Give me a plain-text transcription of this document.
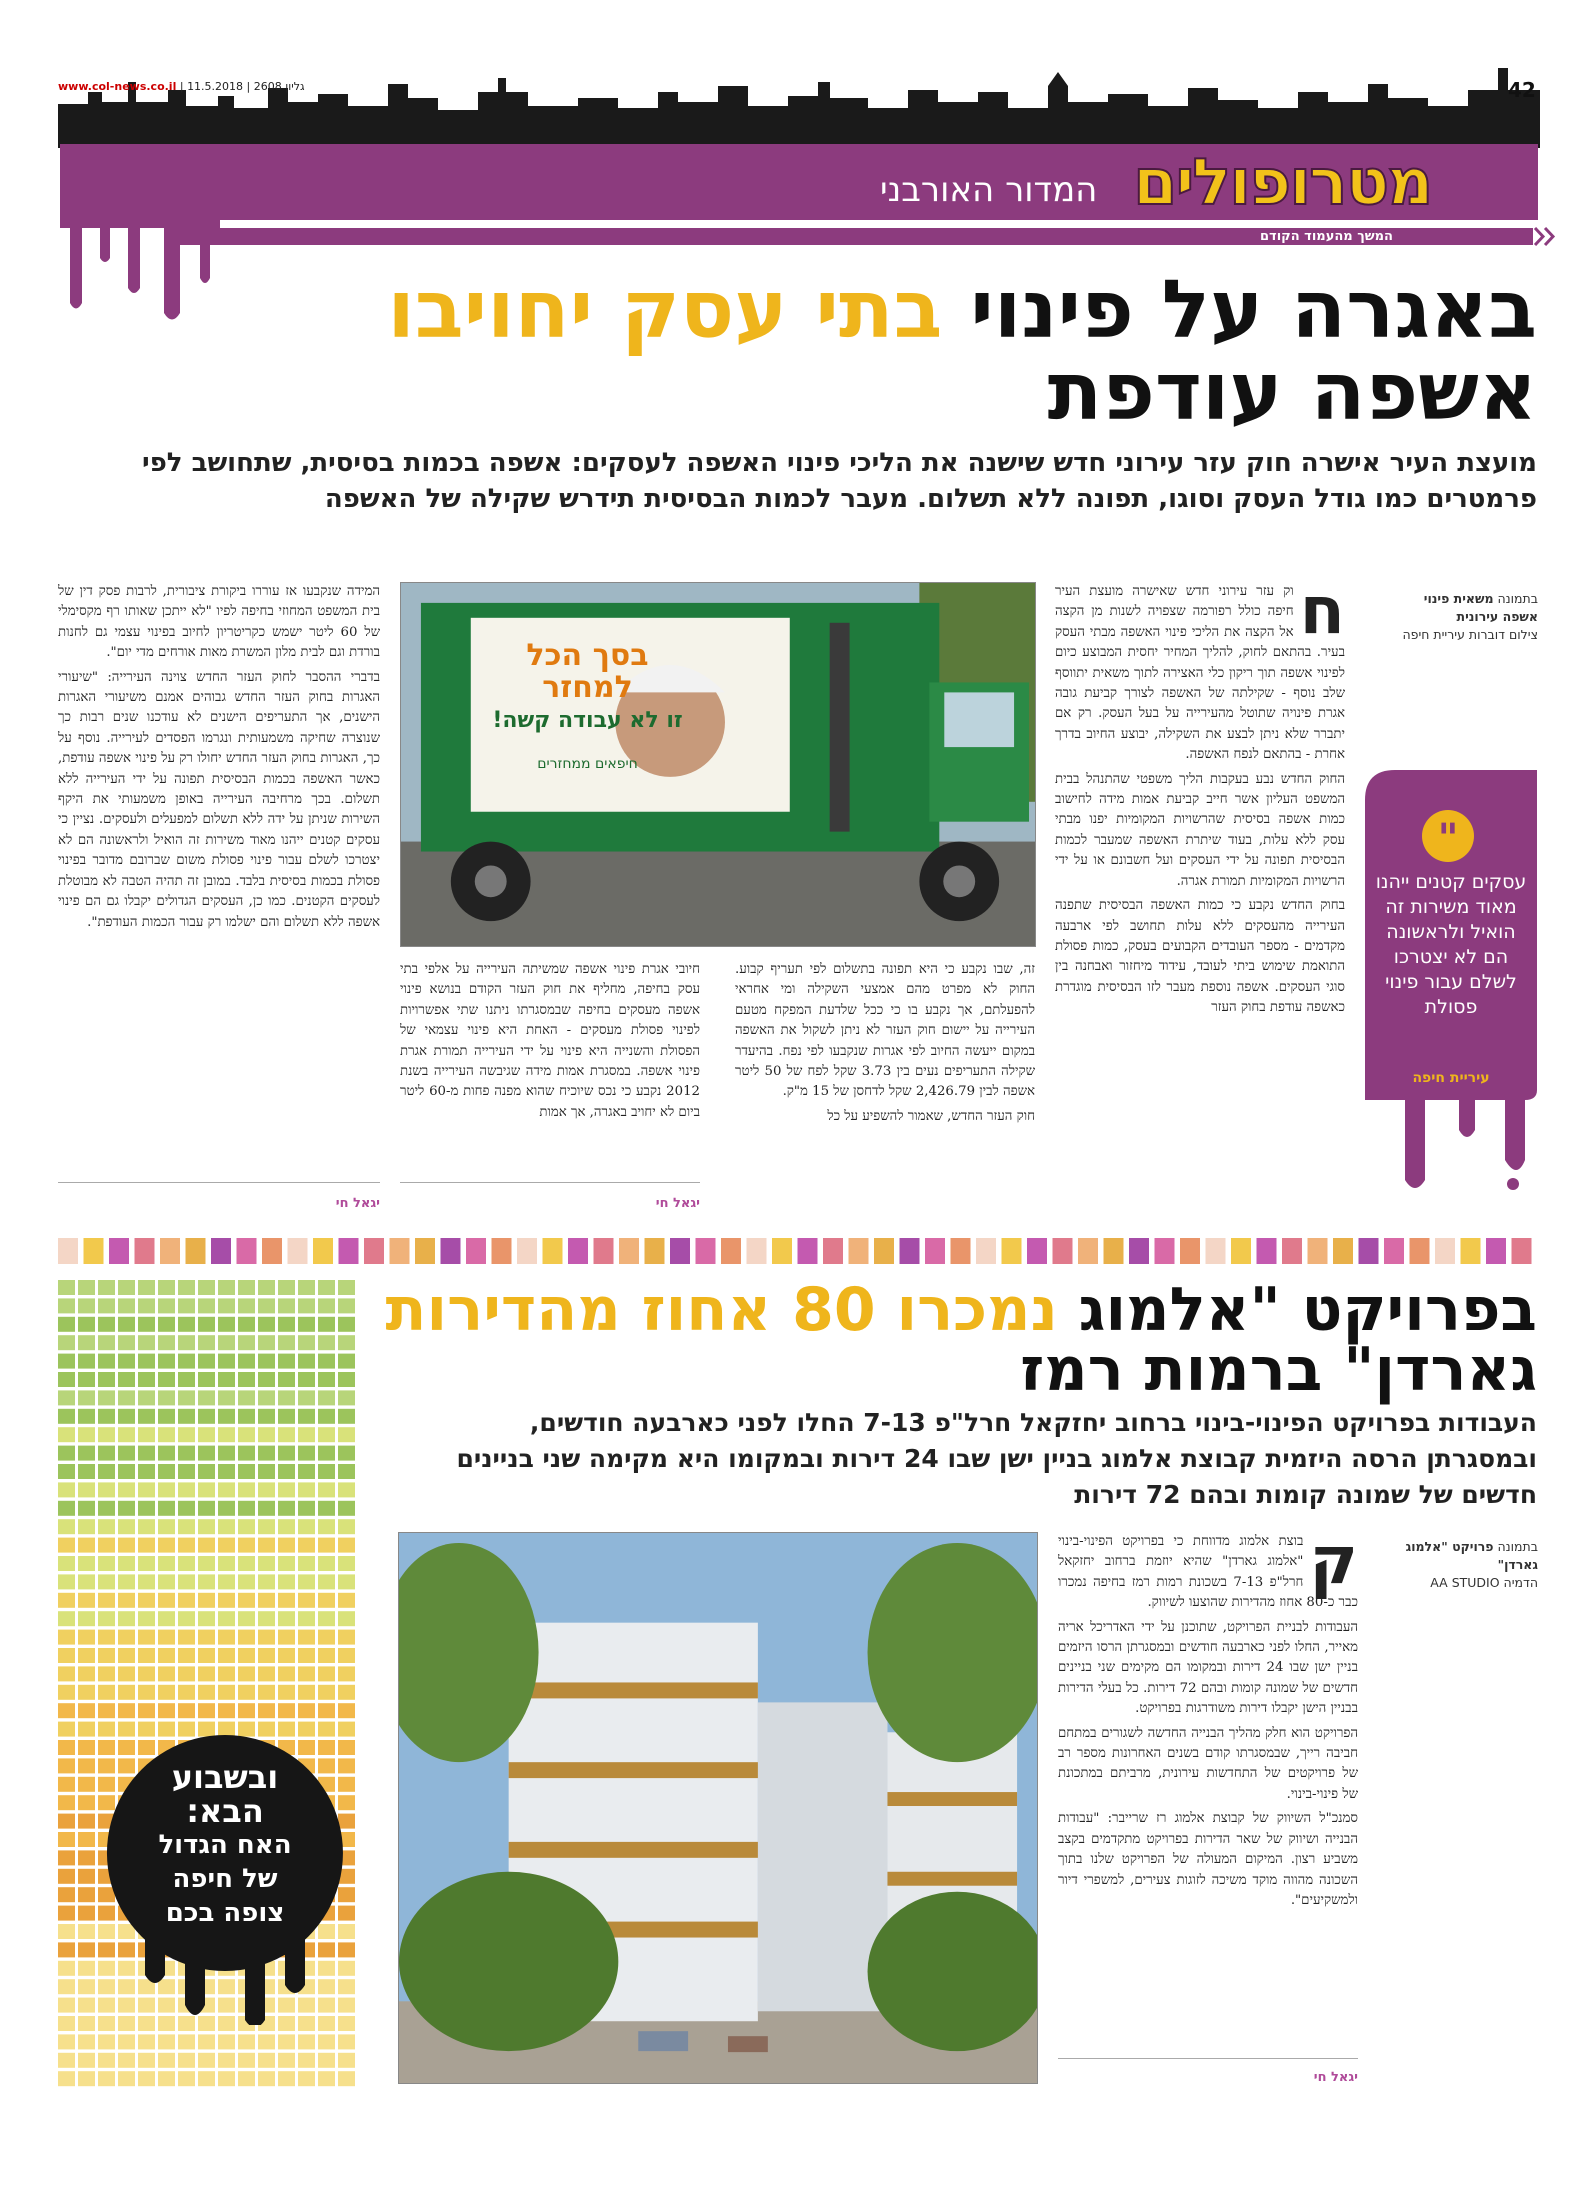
www.col-news.co.il | גליון 2608 | 11.5.2018	42
מטרופולים
המדור האורבני
המשך מהעמוד הקודם
באגרה על פינוי בתי עסק יחויבו
אשפה עודפת
מועצת העיר אישרה חוק עזר עירוני חדש שישנה את הליכי פינוי האשפה לעסקים: אשפה בכמות בסיסית, שתחושב לפי פרמטרים כמו גודל העסק וסוגו, תפונה ללא תשלום. מעבר לכמות הבסיסית תידרש שקילה של האשפה
בתמונה משאית פינוי אשפה עירונית
צילום דוברות עיריית חיפה
"
עסקים קטנים ייהנו מאוד משירות זה הואיל ולראשונה הם לא יצטרכו לשלם עבור פינוי פסולת
עיריית חיפה
בסך הכל למחזר
זו לא עבודה קשה!
חיפאים ממחזרים
ח

וק עזר עירוני חדש שאישרה מועצת העיר חיפה כולל רפורמה שצפויה לשנות מן הקצה אל הקצה את הליכי פינוי האשפה מבתי העסק בעיר. בהתאם לחוק, להליך המחיר יחסית המבוצע כיום לפינוי אשפה תוך ריקון כלי האצירה לתוך משאית יתווסף שלב נוסף - שקילתה של האשפה לצורך קביעת גובה אגרת פינויה שתוטל מהעירייה על בעל העסק. רק אם יתברר שלא ניתן לבצע את השקילה, יבוצע החיוב בדרך אחרת - בהתאם לנפח האשפה.

החוק החדש נבע בעקבות הליך משפטי שהתנהל בבית המשפט העליון אשר חייב קביעת אמות מידה לחישוב כמות אשפה בסיסית שהרשויות המקומיות יפנו מבתי עסק ללא עלות, בעוד שיתרת האשפה שמעבר לכמות הבסיסית תפונה על ידי העסקים ועל חשבונם או על ידי הרשויות המקומיות תמורת אגרה.

בחוק החדש נקבע כי כמות האשפה הבסיסית שתפנה העירייה מהעסקים ללא עלות תחושב לפי ארבעה מקדמים - מספר העובדים הקבועים בעסק, כמות פסולת התואמת שימוש ביתי לעובד, עידוד מיחזור ואבחנה בין סוגי העסקים. אשפה נוספת מעבר לזו הבסיסית מוגדרת כאשפה עודפת בחוק העזר

זה, שבו נקבע כי היא תפונה בתשלום לפי תעריף קבוע. החוק לא מפרט מהם אמצעי השקילה ומי אחראי להפעלתם, אך נקבע בו כי ככל שלדעת המפקח מטעם העירייה על יישום חוק העזר לא ניתן לשקול את האשפה במקום ייעשה החיוב לפי אגרות שנקבעו לפי נפח. בהיעדר שקילה התעריפים נעים בין 3.73 שקל לפח של 50 ליטר אשפה לבין 2,426.79 שקל לדחסן של 15 מ"ק.

חוק העזר החדש, שאמור להשפיע על כל

חיובי אגרת פינוי אשפה שמשיתה העירייה על אלפי בתי עסק בחיפה, מחליף את חוק העזר הקודם בנושא פינוי אשפה מעסקים בחיפה שבמסגרתו ניתנו שתי אפשרויות לפינוי פסולת מעסקים - האחת היא פינוי עצמאי של הפסולת והשנייה היא פינוי על ידי העירייה תמורת אגרת פינוי אשפה. במסגרת אמות מידה שגיבשה העירייה בשנת 2012 נקבע כי נכס שיוכיח שהוא מפנה פחות מ-60 ליטר ביום לא יחויב באגרה, אך אמות

יגאל חי

המידה שנקבעו אז עוררו ביקורת ציבורית, לרבות פסק דין של בית המשפט המחוזי בחיפה לפיו "לא ייתכן שאותו רף מקסימלי של 60 ליטר ישמש כקריטריון לחיוב בפינוי עצמי גם לחנות בורדת וגם לבית מלון המשרת מאות אורחים מדי יום".

בדברי ההסבר לחוק העזר החדש צוינה העירייה: "שיעורי האגרות בחוק העזר החדש גבוהים אמנם משיעורי האגרות הישנים, אך התעריפים הישנים לא עודכנו שנים רבות כך שנוצרה שחיקה משמעותית ונגרמו הפסדים לעירייה. נוסף על כך, האגרות בחוק העזר החדש יחולו רק על פינוי אשפה עודפת, כאשר האשפה בכמות הבסיסית תפונה על ידי העירייה ללא תשלום. בכך מרחיבה העירייה באופן משמעותי את היקף השירות שניתן על ידה ללא תשלום למפעלים ולעסקים. נציין כי עסקים קטנים ייהנו מאוד משירות זה הואיל ולראשונה הם לא יצטרכו לשלם עבור פינוי פסולת משום שברובם מדובר בפינוי פסולת בכמות בסיסית בלבד. במובן זה תהיה הטבה לא מבוטלת לעסקים הקטנים. כמו כן, העסקים הגדולים יקבלו גם הם פינוי אשפה ללא תשלום והם ישלמו רק עבור הכמות העודפת".

יגאל חי
ובשבוע
הבא:
האח הגדול
של חיפה
צופה בכם
בפרויקט "אלמוג נמכרו 80 אחוז מהדירות
גארדן" ברמות רמז
העבודות בפרויקט הפינוי-בינוי ברחוב יחזקאל חרל"פ 7-13 החלו לפני כארבעה חודשים, ובמסגרתן הרסה היזמית קבוצת אלמוג בניין ישן שבו 24 דירות ובמקומו היא מקימה שני בניינים חדשים של שמונה קומות ובהם 72 דירות
בתמונה פרויקט "אלמוג גארדן"
הדמיה AA STUDIO
ק

בוצת אלמוג מדווחת כי בפרויקט הפינוי-בינוי "אלמוג גארדן" שהיא יוזמת ברחוב יחזקאל חרל"פ 7-13 בשכונת רמות רמז בחיפה נמכרו כבר כ-80 אחוז מהדירות שהוצעו לשיווק.

העבודות לבניית הפרויקט, שתוכנן על ידי האדריכל אריה מאייר, החלו לפני כארבעה חודשים ובמסגרתן הרסו היזמים בניין ישן שבו 24 דירות ובמקומו הם מקימים שני בניינים חדשים של שמונה קומות ובהם 72 דירות. כל בעלי הדירות בבניין הישן יקבלו דירות משודרגות בפרויקט.

הפרויקט הוא חלק מהליך הבנייה החדשה לשגורים במתחם חביבה רייך, שבמסגרתו קודם בשנים האחרונות מספר רב של פרויקטים של התחדשות עירונית, מרביתם במתכונת של פינוי-בינוי.

סמנכ"ל השיווק של קבוצת אלמוג רז שרייבר: "עבודות הבנייה ושיווק של שאר הדירות בפרויקט מתקדמים בקצב משביע רצון. המיקום המעולה של הפרויקט שלנו בתוך השכונה מהווה מוקד משיכה לזוגות צעירים, למשפרי דיור ולמשקיעים".

יגאל חי
